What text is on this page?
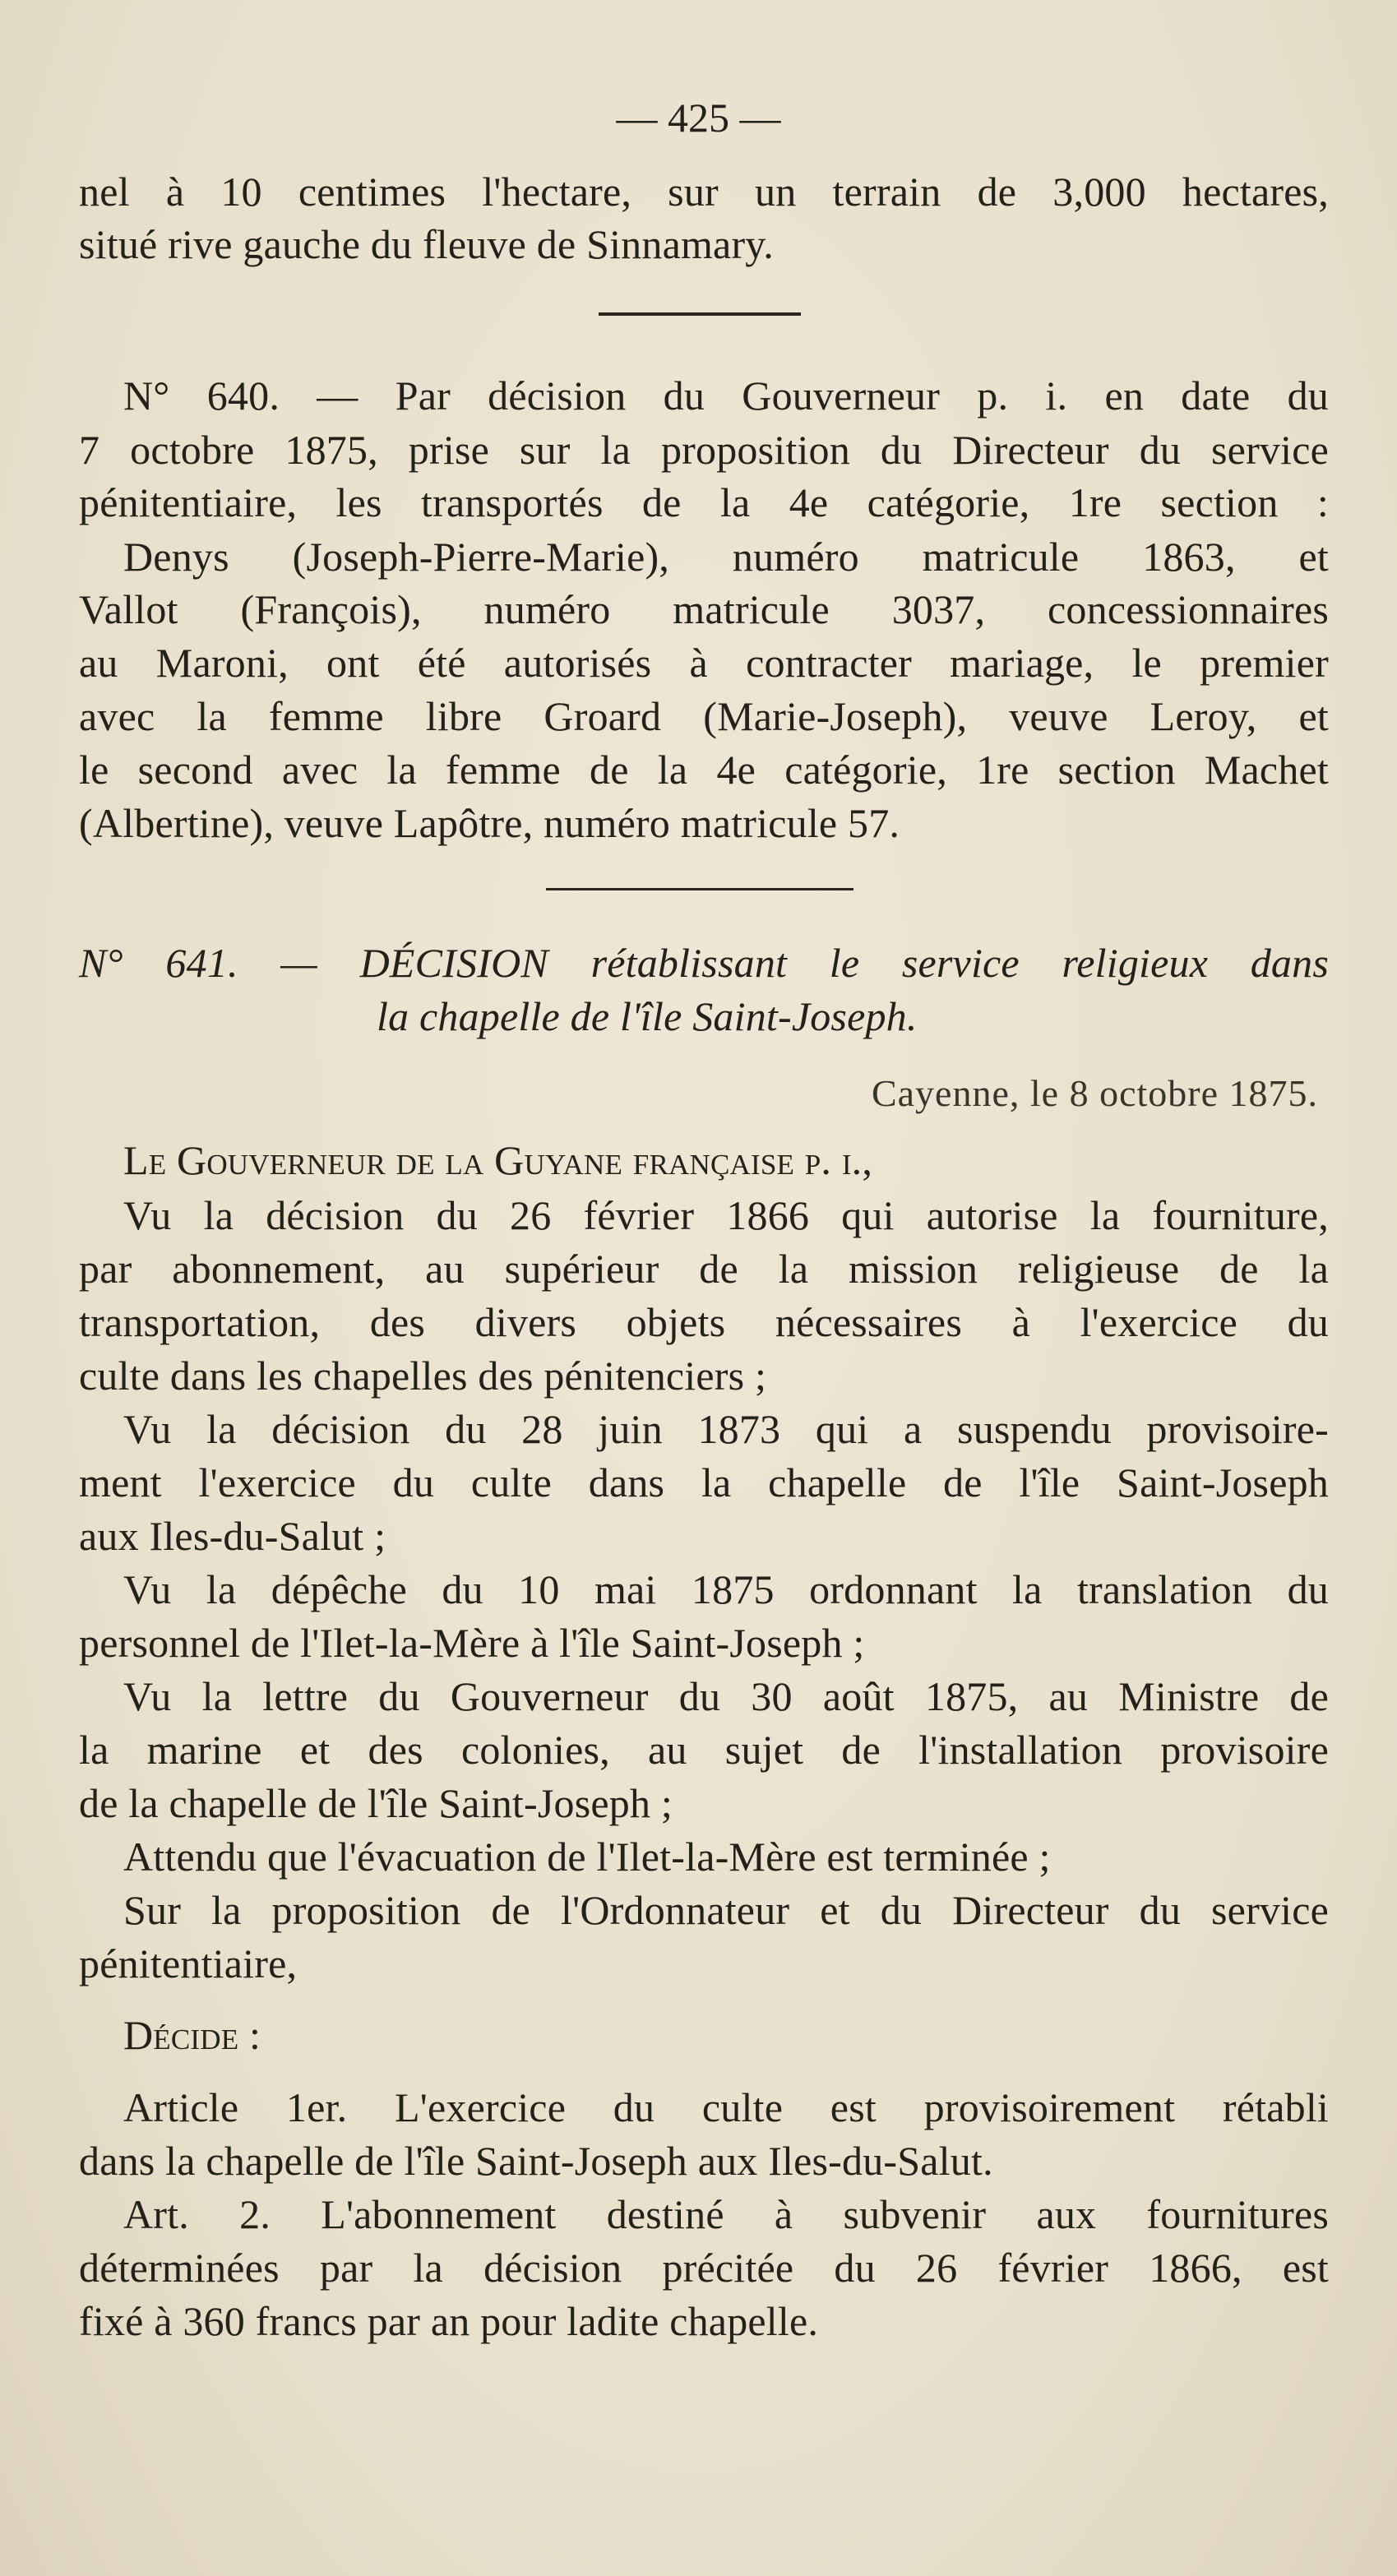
— 425 —
nel à 10 centimes l'hectare, sur un terrain de 3,000 hectares,
situé rive gauche du fleuve de Sinnamary.
N° 640. — Par décision du Gouverneur p. i. en date du
7 octobre 1875, prise sur la proposition du Directeur du service
pénitentiaire, les transportés de la 4e catégorie, 1re section :
Denys (Joseph-Pierre-Marie), numéro matricule 1863, et
Vallot (François), numéro matricule 3037, concessionnaires
au Maroni, ont été autorisés à contracter mariage, le premier
avec la femme libre Groard (Marie-Joseph), veuve Leroy, et
le second avec la femme de la 4e catégorie, 1re section Machet
(Albertine), veuve Lapôtre, numéro matricule 57.
N° 641. — DÉCISION rétablissant le service religieux dans
la chapelle de l'île Saint-Joseph.
Cayenne, le 8 octobre 1875.
Le Gouverneur de la Guyane française p. i.,
Vu la décision du 26 février 1866 qui autorise la fourniture,
par abonnement, au supérieur de la mission religieuse de la
transportation, des divers objets nécessaires à l'exercice du
culte dans les chapelles des pénitenciers ;
Vu la décision du 28 juin 1873 qui a suspendu provisoire-
ment l'exercice du culte dans la chapelle de l'île Saint-Joseph
aux Iles-du-Salut ;
Vu la dépêche du 10 mai 1875 ordonnant la translation du
personnel de l'Ilet-la-Mère à l'île Saint-Joseph ;
Vu la lettre du Gouverneur du 30 août 1875, au Ministre de
la marine et des colonies, au sujet de l'installation provisoire
de la chapelle de l'île Saint-Joseph ;
Attendu que l'évacuation de l'Ilet-la-Mère est terminée ;
Sur la proposition de l'Ordonnateur et du Directeur du service
pénitentiaire,
Décide :
Article 1er. L'exercice du culte est provisoirement rétabli
dans la chapelle de l'île Saint-Joseph aux Iles-du-Salut.
Art. 2. L'abonnement destiné à subvenir aux fournitures
déterminées par la décision précitée du 26 février 1866, est
fixé à 360 francs par an pour ladite chapelle.
